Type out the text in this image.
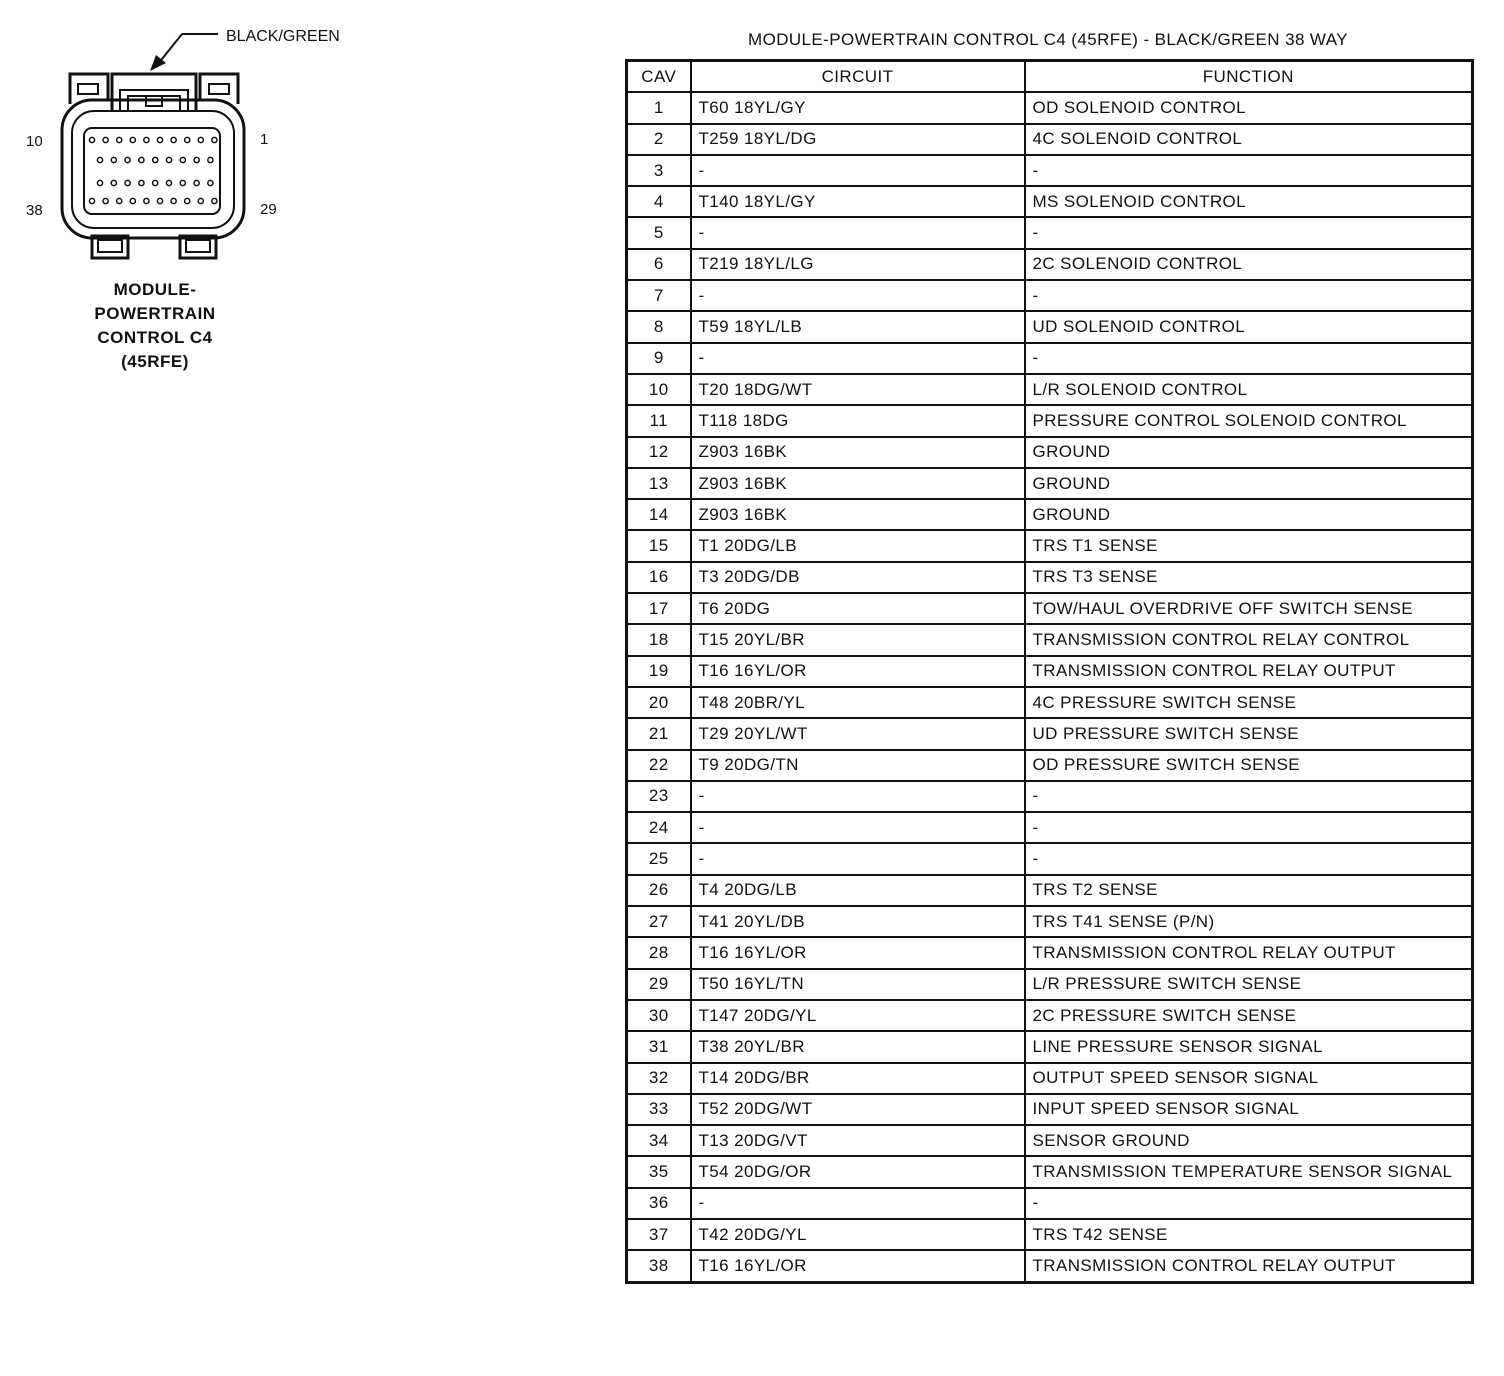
BLACK/GREEN
10	1
38	29
MODULE-
POWERTRAIN
CONTROL C4
(45RFE)
MODULE-POWERTRAIN CONTROL C4 (45RFE) - BLACK/GREEN 38 WAY
CAV	CIRCUIT	FUNCTION
1	T60 18YL/GY	OD SOLENOID CONTROL
2	T259 18YL/DG	4C SOLENOID CONTROL
3	-	-
4	T140 18YL/GY	MS SOLENOID CONTROL
5	-	-
6	T219 18YL/LG	2C SOLENOID CONTROL
7	-	-
8	T59 18YL/LB	UD SOLENOID CONTROL
9	-	-
10	T20 18DG/WT	L/R SOLENOID CONTROL
11	T118 18DG	PRESSURE CONTROL SOLENOID CONTROL
12	Z903 16BK	GROUND
13	Z903 16BK	GROUND
14	Z903 16BK	GROUND
15	T1 20DG/LB	TRS T1 SENSE
16	T3 20DG/DB	TRS T3 SENSE
17	T6 20DG	TOW/HAUL OVERDRIVE OFF SWITCH SENSE
18	T15 20YL/BR	TRANSMISSION CONTROL RELAY CONTROL
19	T16 16YL/OR	TRANSMISSION CONTROL RELAY OUTPUT
20	T48 20BR/YL	4C PRESSURE SWITCH SENSE
21	T29 20YL/WT	UD PRESSURE SWITCH SENSE
22	T9 20DG/TN	OD PRESSURE SWITCH SENSE
23	-	-
24	-	-
25	-	-
26	T4 20DG/LB	TRS T2 SENSE
27	T41 20YL/DB	TRS T41 SENSE (P/N)
28	T16 16YL/OR	TRANSMISSION CONTROL RELAY OUTPUT
29	T50 16YL/TN	L/R PRESSURE SWITCH SENSE
30	T147 20DG/YL	2C PRESSURE SWITCH SENSE
31	T38 20YL/BR	LINE PRESSURE SENSOR SIGNAL
32	T14 20DG/BR	OUTPUT SPEED SENSOR SIGNAL
33	T52 20DG/WT	INPUT SPEED SENSOR SIGNAL
34	T13 20DG/VT	SENSOR GROUND
35	T54 20DG/OR	TRANSMISSION TEMPERATURE SENSOR SIGNAL
36	-	-
37	T42 20DG/YL	TRS T42 SENSE
38	T16 16YL/OR	TRANSMISSION CONTROL RELAY OUTPUT
